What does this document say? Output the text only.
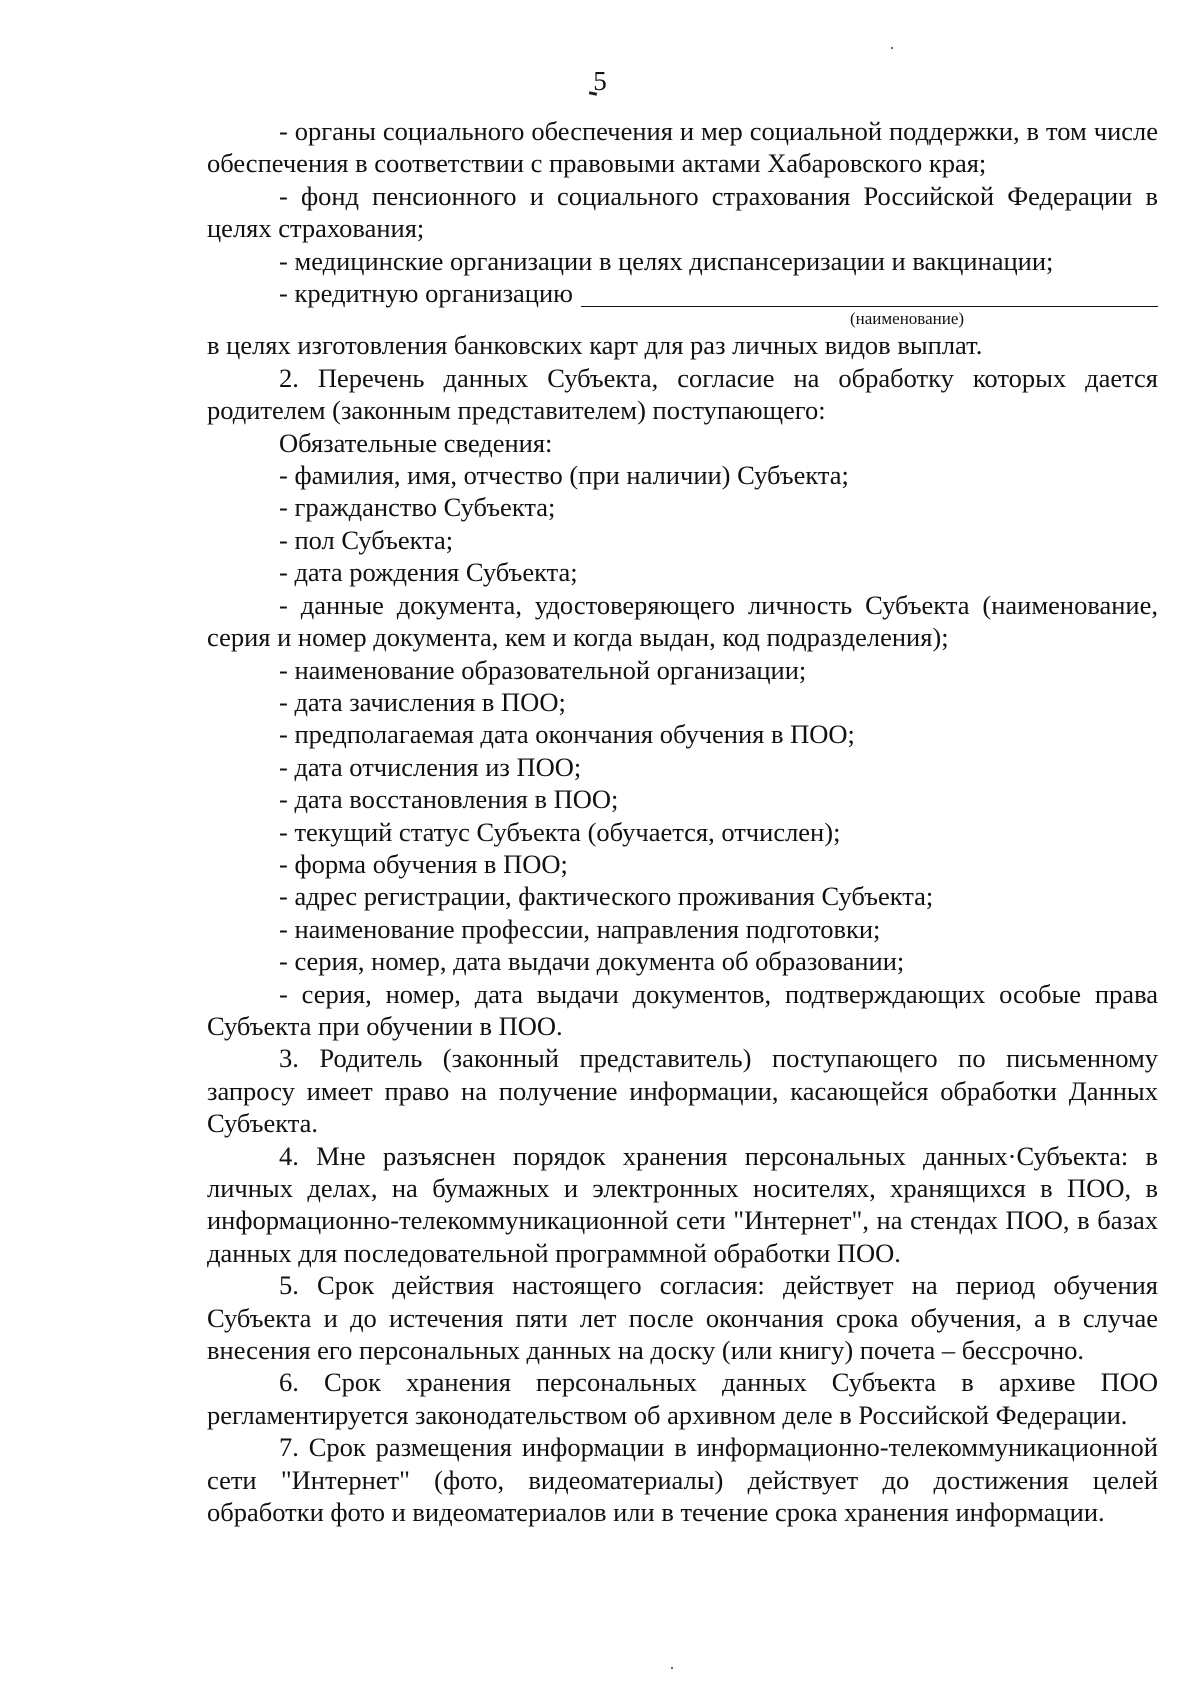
5

- органы социального обеспечения и мер социальной поддержки, в том числе обеспечения в соответствии с правовыми актами Хабаровского края;

- фонд пенсионного и социального страхования Российской Федерации в целях страхования;

- медицинские организации в целях диспансеризации и вакцинации;

- кредитную организацию

(наименование)

в целях изготовления банковских карт для раз личных видов выплат.

2. Перечень данных Субъекта, согласие на обработку которых дается родителем (законным представителем) поступающего:

Обязательные сведения:

- фамилия, имя, отчество (при наличии) Субъекта;

- гражданство Субъекта;

- пол Субъекта;

- дата рождения Субъекта;

- данные документа, удостоверяющего личность Субъекта (наименование, серия и номер документа, кем и когда выдан, код подразделения);

- наименование образовательной организации;

- дата зачисления в ПОО;

- предполагаемая дата окончания обучения в ПОО;

- дата отчисления из ПОО;

- дата восстановления в ПОО;

- текущий статус Субъекта (обучается, отчислен);

- форма обучения в ПОО;

- адрес регистрации, фактического проживания Субъекта;

- наименование профессии, направления подготовки;

- серия, номер, дата выдачи документа об образовании;

- серия, номер, дата выдачи документов, подтверждающих особые права Субъекта при обучении в ПОО.

3. Родитель (законный представитель) поступающего по письменному запросу имеет право на получение информации, касающейся обработки Данных Субъекта.

4. Мне разъяснен порядок хранения персональных данных·Субъекта: в личных делах, на бумажных и электронных носителях, хранящихся в ПОО, в информационно-телекоммуникационной сети "Интернет", на стендах ПОО, в базах данных для последовательной программной обработки ПОО.

5. Срок действия настоящего согласия: действует на период обучения Субъекта и до истечения пяти лет после окончания срока обучения, а в случае внесения его персональных данных на доску (или книгу) почета – бессрочно.

6. Срок хранения персональных данных Субъекта в архиве ПОО регламентируется законодательством об архивном деле в Российской Федерации.

7. Срок размещения информации в информационно-телекоммуникационной сети "Интернет" (фото, видеоматериалы) действует до достижения целей обработки фото и видеоматериалов или в течение срока хранения информации.
